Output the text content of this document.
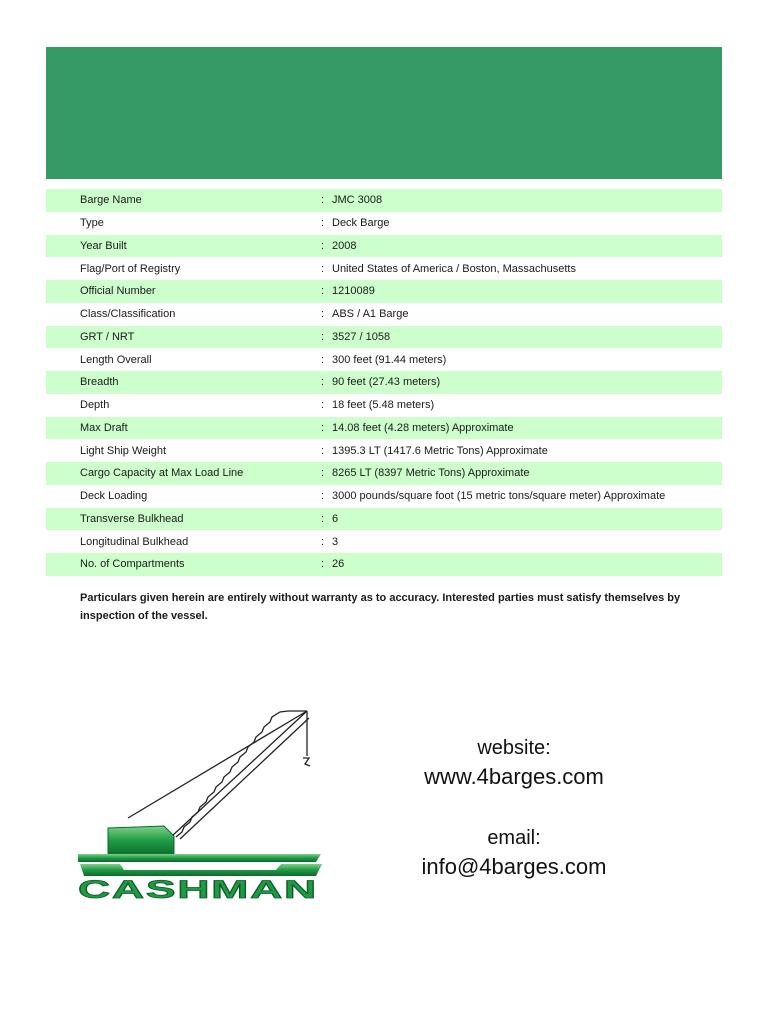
Barge Name	: JMC 3008
Type	: Deck Barge
Year Built	: 2008
Flag/Port of Registry	: United States of America / Boston, Massachusetts
Official Number	: 1210089
Class/Classification	: ABS / A1 Barge
GRT / NRT	: 3527 / 1058
Length Overall	: 300 feet (91.44 meters)
Breadth	: 90 feet (27.43 meters)
Depth	: 18 feet (5.48 meters)
Max Draft	: 14.08 feet (4.28 meters) Approximate
Light Ship Weight	: 1395.3 LT (1417.6 Metric Tons) Approximate
Cargo Capacity at Max Load Line	: 8265 LT (8397 Metric Tons) Approximate
Deck Loading	: 3000 pounds/square foot (15 metric tons/square meter) Approximate
Transverse Bulkhead	: 6
Longitudinal Bulkhead	: 3
No. of Compartments	: 26
Particulars given herein are entirely without warranty as to accuracy. Interested parties must satisfy themselves by inspection of the vessel.
CASHMAN
website:
www.4barges.com
email:
info@4barges.com
